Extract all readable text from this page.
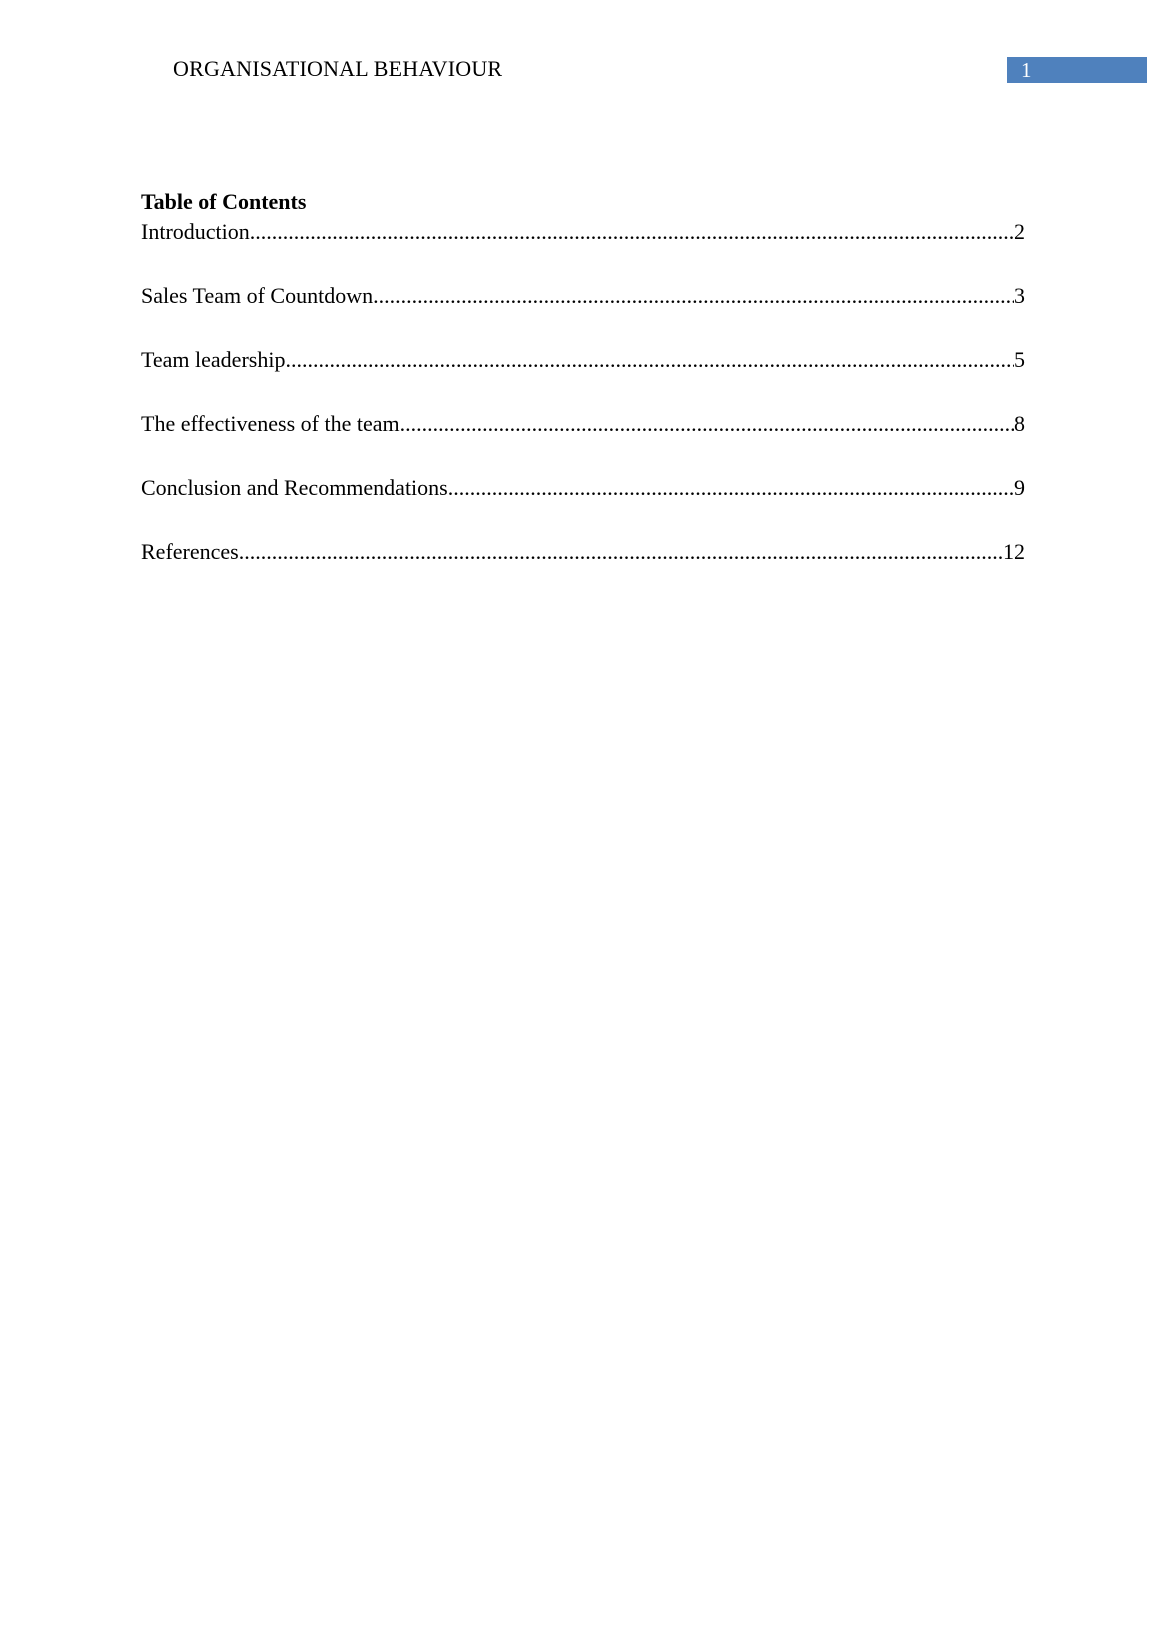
ORGANISATIONAL BEHAVIOUR	1
Table of Contents
Introduction .....	2
Sales Team of Countdown .....	3
Team leadership .....	5
The effectiveness of the team .....	8
Conclusion and Recommendations .....	9
References .....	12
